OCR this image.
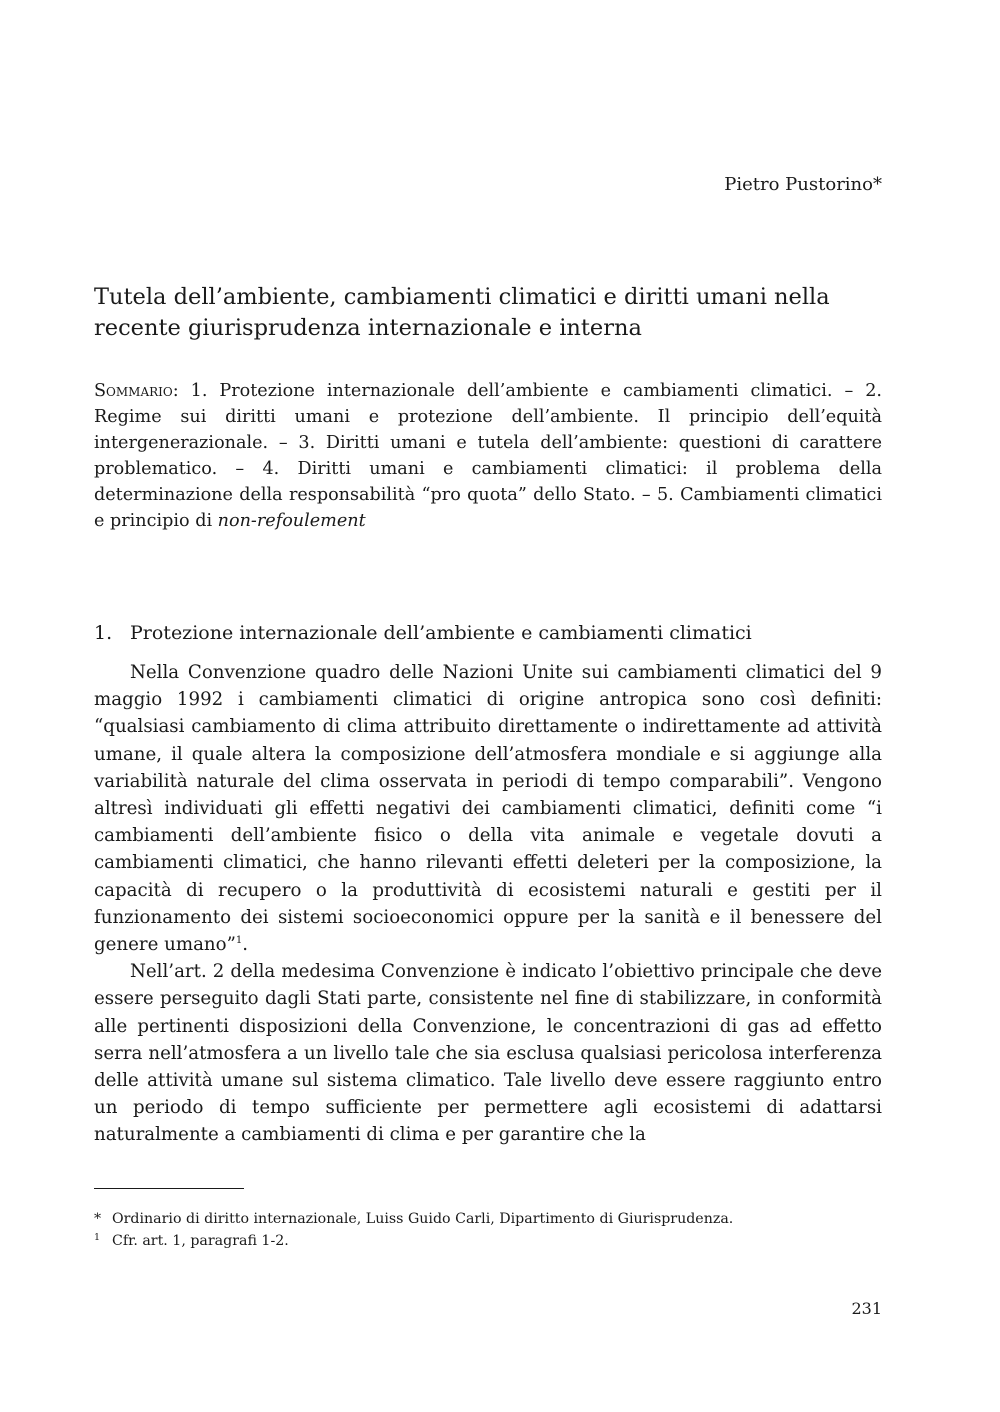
Pietro Pustorino*
Tutela dell’ambiente, cambiamenti climatici e diritti umani nella recente giurisprudenza internazionale e interna

Sommario: 1. Protezione internazionale dell’ambiente e cambiamenti climatici. – 2. Regime sui diritti umani e protezione dell’ambiente. Il principio dell’equità intergenerazionale. – 3. Diritti umani e tutela dell’ambiente: questioni di carattere problematico. – 4. Diritti umani e cambiamenti climatici: il problema della determinazione della responsabilità “pro quota” dello Stato. – 5. Cambiamenti climatici e principio di non-refoulement

1. Protezione internazionale dell’ambiente e cambiamenti climatici

Nella Convenzione quadro delle Nazioni Unite sui cambiamenti climatici del 9 maggio 1992 i cambiamenti climatici di origine antropica sono così definiti: “qualsiasi cambiamento di clima attribuito direttamente o indirettamente ad attività umane, il quale altera la composizione dell’atmosfera mondiale e si aggiunge alla variabilità naturale del clima osservata in periodi di tempo comparabili”. Vengono altresì individuati gli effetti negativi dei cambiamenti climatici, definiti come “i cambiamenti dell’ambiente fisico o della vita animale e vegetale dovuti a cambiamenti climatici, che hanno rilevanti effetti deleteri per la composizione, la capacità di recupero o la produttività di ecosistemi naturali e gestiti per il funzionamento dei sistemi socioeconomici oppure per la sanità e il benessere del genere umano”$^1$.

Nell’art. 2 della medesima Convenzione è indicato l’obiettivo principale che deve essere perseguito dagli Stati parte, consistente nel fine di stabilizzare, in conformità alle pertinenti disposizioni della Convenzione, le concentrazioni di gas ad effetto serra nell’atmosfera a un livello tale che sia esclusa qualsiasi pericolosa interferenza delle attività umane sul sistema climatico. Tale livello deve essere raggiunto entro un periodo di tempo sufficiente per permettere agli ecosistemi di adattarsi naturalmente a cambiamenti di clima e per garantire che la

* Ordinario di diritto internazionale, Luiss Guido Carli, Dipartimento di Giurisprudenza.
1 Cfr. art. 1, paragrafi 1-2.
231
